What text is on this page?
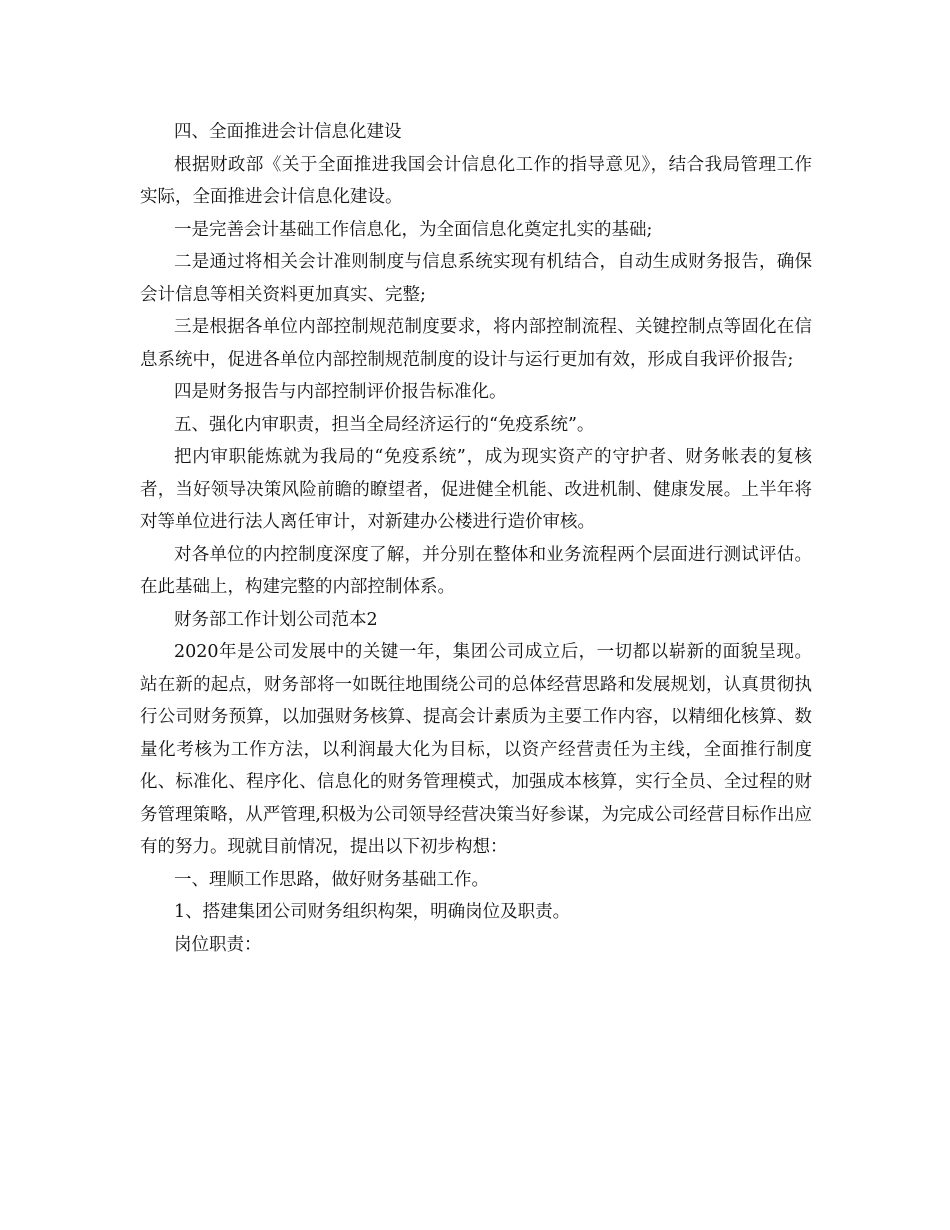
四、全面推进会计信息化建设

根据财政部《关于全面推进我国会计信息化工作的指导意见》，结合我局管理工作实际，全面推进会计信息化建设。

一是完善会计基础工作信息化，为全面信息化奠定扎实的基础;

二是通过将相关会计准则制度与信息系统实现有机结合，自动生成财务报告，确保会计信息等相关资料更加真实、完整;

三是根据各单位内部控制规范制度要求，将内部控制流程、关键控制点等固化在信息系统中，促进各单位内部控制规范制度的设计与运行更加有效，形成自我评价报告;

四是财务报告与内部控制评价报告标准化。

五、强化内审职责，担当全局经济运行的“免疫系统”。

把内审职能炼就为我局的“免疫系统”，成为现实资产的守护者、财务帐表的复核者，当好领导决策风险前瞻的瞭望者，促进健全机能、改进机制、健康发展。上半年将对等单位进行法人离任审计，对新建办公楼进行造价审核。

对各单位的内控制度深度了解，并分别在整体和业务流程两个层面进行测试评估。在此基础上，构建完整的内部控制体系。

财务部工作计划公司范本2

2020年是公司发展中的关键一年，集团公司成立后，一切都以崭新的面貌呈现。站在新的起点，财务部将一如既往地围绕公司的总体经营思路和发展规划，认真贯彻执行公司财务预算，以加强财务核算、提高会计素质为主要工作内容，以精细化核算、数量化考核为工作方法，以利润最大化为目标，以资产经营责任为主线，全面推行制度化、标准化、程序化、信息化的财务管理模式，加强成本核算，实行全员、全过程的财务管理策略，从严管理,积极为公司领导经营决策当好参谋，为完成公司经营目标作出应有的努力。现就目前情况，提出以下初步构想：

一、理顺工作思路，做好财务基础工作。

1、搭建集团公司财务组织构架，明确岗位及职责。

岗位职责：
